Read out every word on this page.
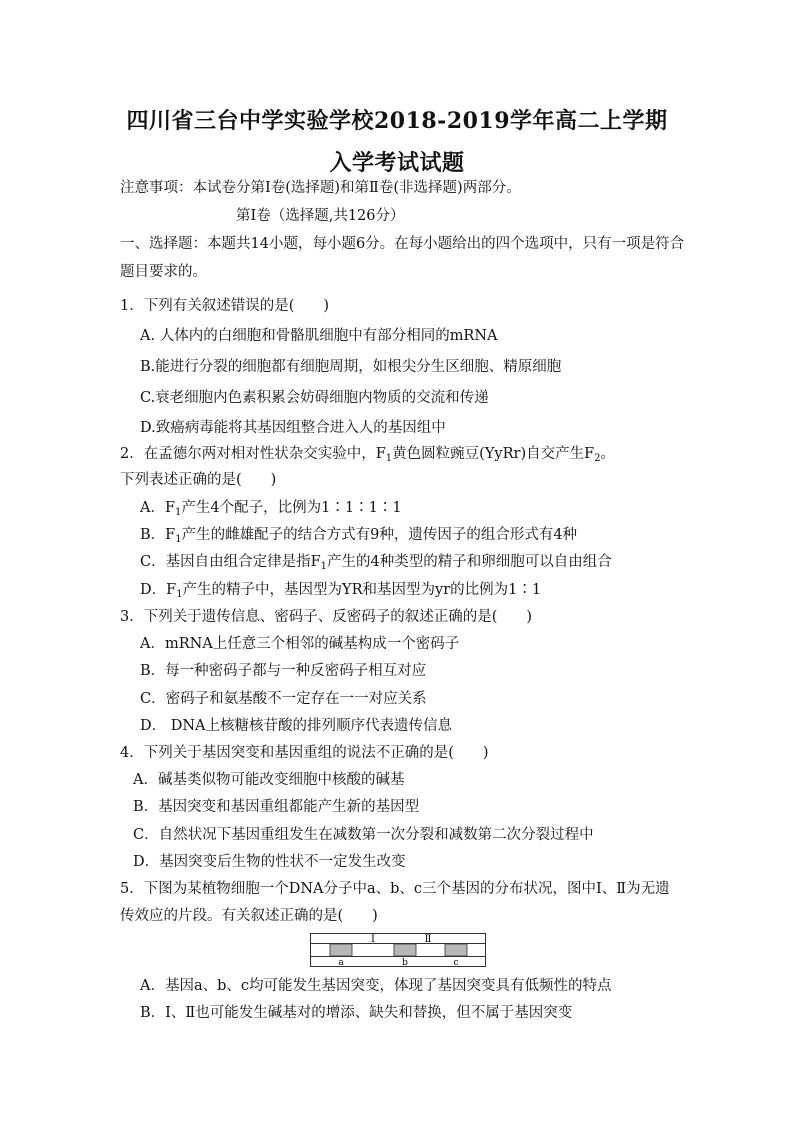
四川省三台中学实验学校2018-2019学年高二上学期
入学考试试题
注意事项：本试卷分第Ⅰ卷(选择题)和第Ⅱ卷(非选择题)两部分。
第Ⅰ卷（选择题,共126分）
一、选择题：本题共14小题，每小题6分。在每小题给出的四个选项中，只有一项是符合
题目要求的。
1．下列有关叙述错误的是(　　)
A. 人体内的白细胞和骨骼肌细胞中有部分相同的mRNA
B.能进行分裂的细胞都有细胞周期，如根尖分生区细胞、精原细胞
C.衰老细胞内色素积累会妨碍细胞内物质的交流和传递
D.致癌病毒能将其基因组整合进入人的基因组中
2．在孟德尔两对相对性状杂交实验中，$F_1$黄色圆粒豌豆(YyRr)自交产生$F_2$。
下列表述正确的是(　　)
A．$F_1$产生4个配子，比例为1∶1∶1∶1
B．$F_1$产生的雌雄配子的结合方式有9种，遗传因子的组合形式有4种
C．基因自由组合定律是指$F_1$产生的4种类型的精子和卵细胞可以自由组合
D．$F_1$产生的精子中，基因型为YR和基因型为yr的比例为1∶1
3．下列关于遗传信息、密码子、反密码子的叙述正确的是(　　)
A．mRNA上任意三个相邻的碱基构成一个密码子
B．每一种密码子都与一种反密码子相互对应
C．密码子和氨基酸不一定存在一一对应关系
D． DNA上核糖核苷酸的排列顺序代表遗传信息
4．下列关于基因突变和基因重组的说法不正确的是(　　)
A．碱基类似物可能改变细胞中核酸的碱基
B．基因突变和基因重组都能产生新的基因型
C．自然状况下基因重组发生在减数第一次分裂和减数第二次分裂过程中
D．基因突变后生物的性状不一定发生改变
5．下图为某植物细胞一个DNA分子中a、b、c三个基因的分布状况，图中Ⅰ、Ⅱ为无遗
传效应的片段。有关叙述正确的是(　　)
Ⅰ	Ⅱ
a	b	c
A．基因a、b、c均可能发生基因突变，体现了基因突变具有低频性的特点
B．Ⅰ、Ⅱ也可能发生碱基对的增添、缺失和替换，但不属于基因突变
